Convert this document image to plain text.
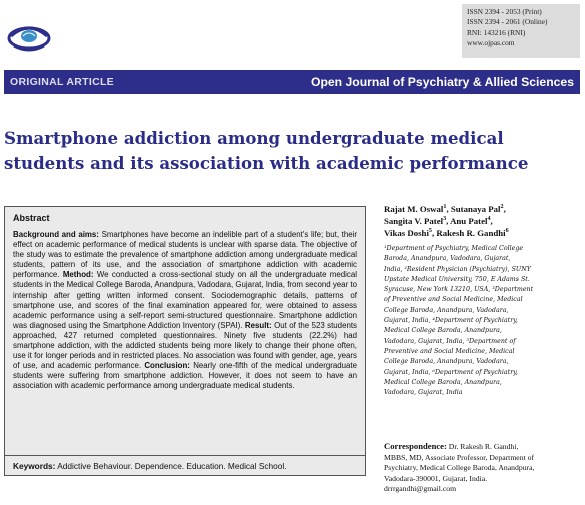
ISSN 2394 - 2053 (Print)
ISSN 2394 - 2061 (Online)
RNI: 143216 (RNI)
www.ojpas.com
ORIGINAL ARTICLE	Open Journal of Psychiatry & Allied Sciences
Smartphone addiction among undergraduate medical
students and its association with academic performance
Abstract
Background and aims: Smartphones have become an indelible part of a student's life; but, their effect on academic performance of medical students is unclear with sparse data. The objective of the study was to estimate the prevalence of smartphone addiction among undergraduate medical students, pattern of its use, and the association of smartphone addiction with academic performance. Method: We conducted a cross-sectional study on all the undergraduate medical students in the Medical College Baroda, Anandpura, Vadodara, Gujarat, India, from second year to internship after getting written informed consent. Sociodemographic details, patterns of smartphone use, and scores of the final examination appeared for, were obtained to assess academic performance using a self-report semi-structured questionnaire. Smartphone addiction was diagnosed using the Smartphone Addiction Inventory (SPAI). Result: Out of the 523 students approached, 427 returned completed questionnaires. Ninety five students (22.2%) had smartphone addiction, with the addicted students being more likely to change their phone often, use it for longer periods and in restricted places. No association was found with gender, age, years of use, and academic performance. Conclusion: Nearly one-fifth of the medical undergraduate students were suffering from smartphone addiction. However, it does not seem to have an association with academic performance among undergraduate medical students.
Keywords: Addictive Behaviour. Dependence. Education. Medical School.
Rajat M. Oswal$^1$, Sutanaya Pal$^2$,
Sangita V. Patel$^3$, Anu Patel$^4$,
Vikas Doshi$^5$, Rakesh R. Gandhi$^6$
¹Department of Psychiatry, Medical College
Baroda, Anandpura, Vadodara, Gujarat,
India, ²Resident Physician (Psychiatry), SUNY
Upstate Medical University, 750, E Adams St.
Syracuse, New York 13210, USA, ³Department
of Preventive and Social Medicine, Medical
College Baroda, Anandpura, Vadodara,
Gujarat, India, ⁴Department of Psychiatry,
Medical College Baroda, Anandpura,
Vadodara, Gujarat, India, ⁵Department of
Preventive and Social Medicine, Medical
College Baroda, Anandpura, Vadodara,
Gujarat, India, ⁶Department of Psychiatry,
Medical College Baroda, Anandpura,
Vadodara, Gujarat, India
Correspondence: Dr. Rakesh R. Gandhi,
MBBS, MD, Associate Professor, Department of
Psychiatry, Medical College Baroda, Anandpura,
Vadodara-390001, Gujarat, India.
drrrgandhi@gmail.com
